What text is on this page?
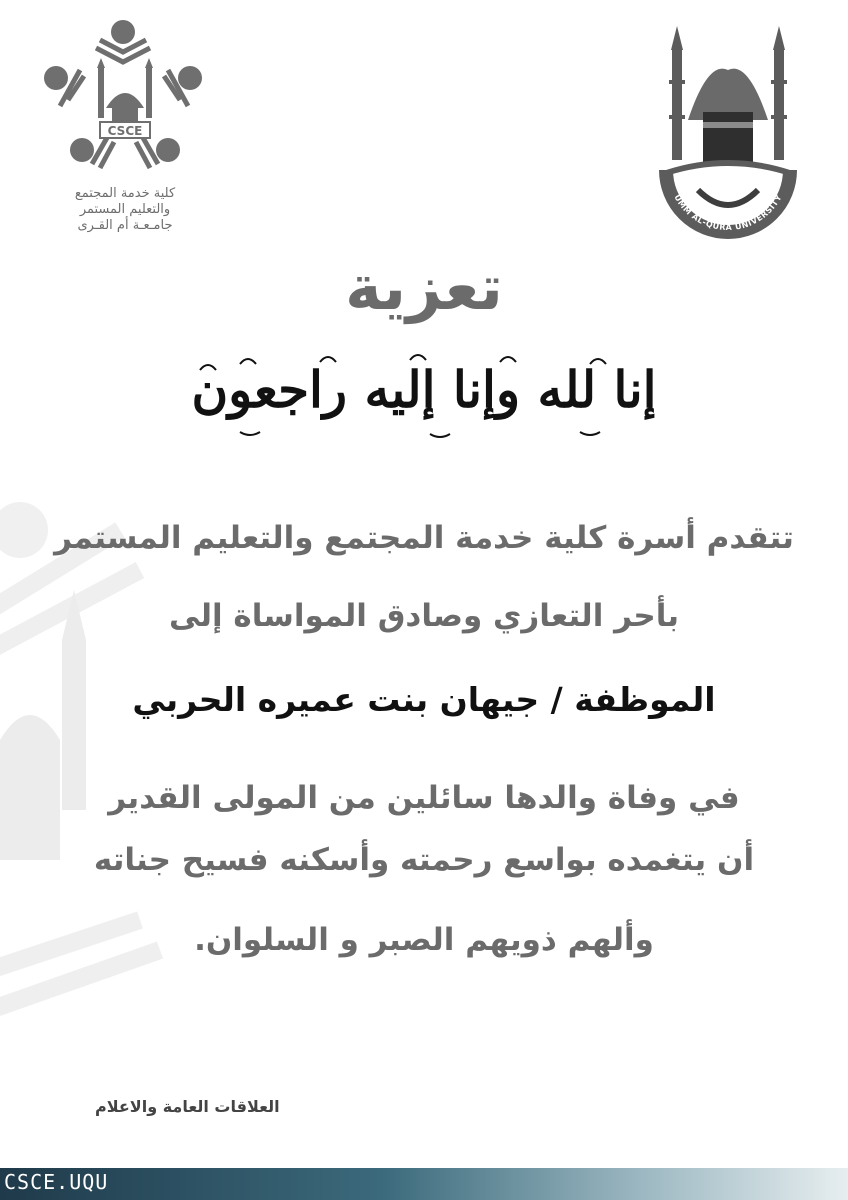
CSCE
كلية خدمة المجتمع
والتعليم المستمر
جامـعـة أم القـرى
UMM AL-QURA UNIVERSITY
تعزية
إنا لله وإنا إليه راجعون
تتقدم أسرة كلية خدمة المجتمع والتعليم المستمر
بأحر التعازي وصادق المواساة إلى
الموظفة / جيهان بنت عميره الحربي
في وفاة والدها سائلين من المولى القدير
أن يتغمده بواسع رحمته وأسكنه فسيح جناته
وألهم ذويهم الصبر و السلوان.
العلاقات العامة والاعلام
CSCE.UQU
